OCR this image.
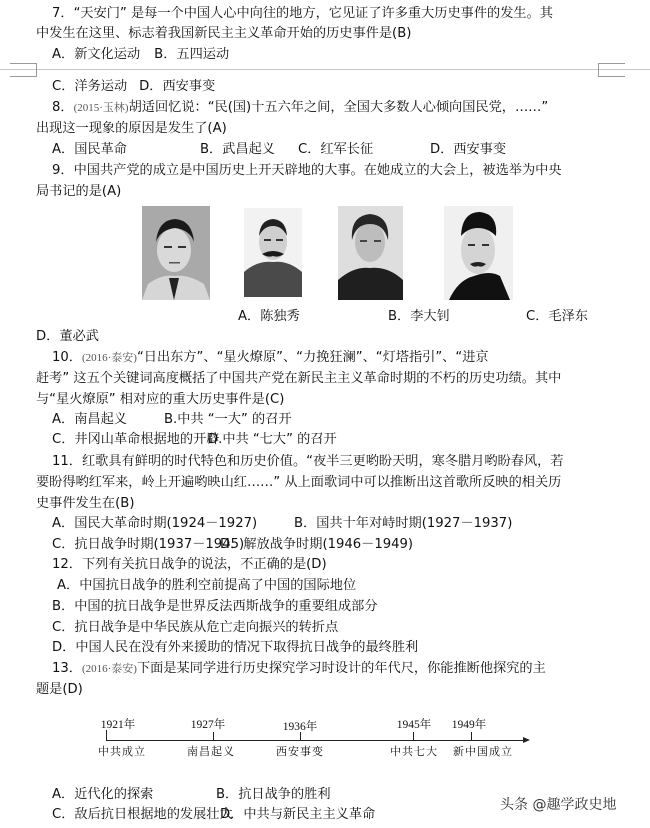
7．“天安门” 是每一个中国人心中向往的地方，它见证了许多重大历史事件的发生。其
中发生在这里、标志着我国新民主主义革命开始的历史事件是(B)
A．新文化运动 B．五四运动
C．洋务运动 D．西安事变
8．(2015·玉林)胡适回忆说：“民(国)十五六年之间，全国大多数人心倾向国民党，……”
出现这一现象的原因是发生了(A)
A．国民革命	B．武昌起义 C．红军长征	D．西安事变
9．中国共产党的成立是中国历史上开天辟地的大事。在她成立的大会上，被选举为中央
局书记的是(A)
A．陈独秀	B．李大钊	C．毛泽东
D．董必武
10．(2016·泰安)“日出东方”、“星火燎原”、“力挽狂澜”、“灯塔指引”、“进京
赶考” 这五个关键词高度概括了中国共产党在新民主主义革命时期的不朽的历史功绩。其中
与“星火燎原” 相对应的重大历史事件是(C)
A．南昌起义	B.中共 “一大” 的召开
C．井冈山革命根据地的开辟D.中共 “七大” 的召开
11．红歌具有鲜明的时代特色和历史价值。“夜半三更哟盼天明，寒冬腊月哟盼春风，若
要盼得哟红军来，岭上开遍哟映山红……” 从上面歌词中可以推断出这首歌所反映的相关历
史事件发生在(B)
A．国民大革命时期(1924－1927)	B．国共十年对峙时期(1927－1937)
C．抗日战争时期(1937－1945)D．解放战争时期(1946－1949)
12．下列有关抗日战争的说法，不正确的是(D)
A．中国抗日战争的胜利空前提高了中国的国际地位
B．中国的抗日战争是世界反法西斯战争的重要组成部分
C．抗日战争是中华民族从危亡走向振兴的转折点
D．中国人民在没有外来援助的情况下取得抗日战争的最终胜利
13．(2016·泰安)下面是某同学进行历史探究学习时设计的年代尺，你能推断他探究的主
题是(D)
1921年
中共成立
1927年
南昌起义
1936年
西安事变
1945年
中共七大
1949年
新中国成立
A．近代化的探索	B．抗日战争的胜利
C．敌后抗日根据地的发展壮大D．中共与新民主主义革命
头条 @趣学政史地
